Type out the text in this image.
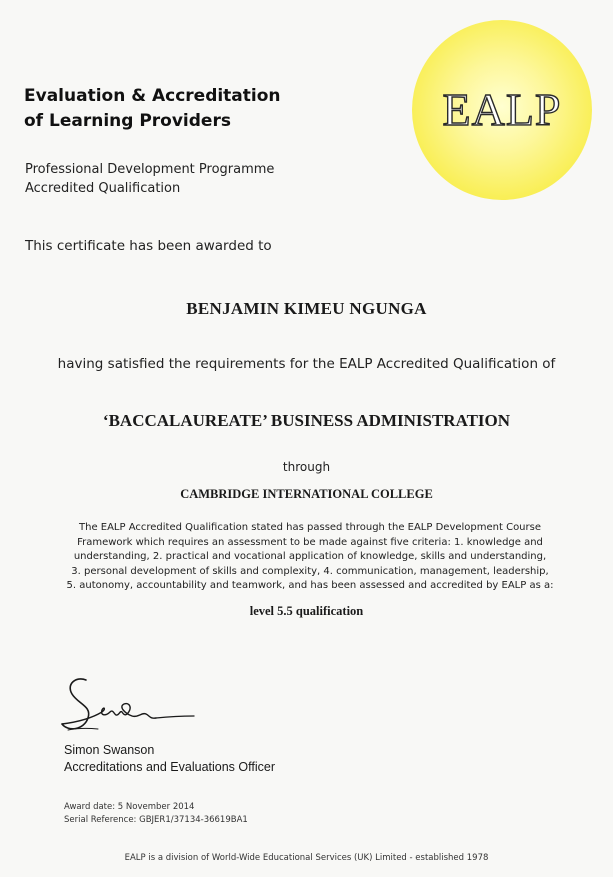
Evaluation & Accreditation
of Learning Providers
Professional Development Programme
Accredited Qualification
EALP
This certificate has been awarded to
BENJAMIN KIMEU NGUNGA
having satisfied the requirements for the EALP Accredited Qualification of
‘BACCALAUREATE’ BUSINESS ADMINISTRATION
through
CAMBRIDGE INTERNATIONAL COLLEGE
The EALP Accredited Qualification stated has passed through the EALP Development Course
Framework which requires an assessment to be made against five criteria: 1. knowledge and
understanding, 2. practical and vocational application of knowledge, skills and understanding,
3. personal development of skills and complexity, 4. communication, management, leadership,
5. autonomy, accountability and teamwork, and has been assessed and accredited by EALP as a:
level 5.5 qualification
Simon Swanson
Accreditations and Evaluations Officer
Award date: 5 November 2014
Serial Reference: GBJER1/37134-36619BA1
EALP is a division of World-Wide Educational Services (UK) Limited - established 1978
